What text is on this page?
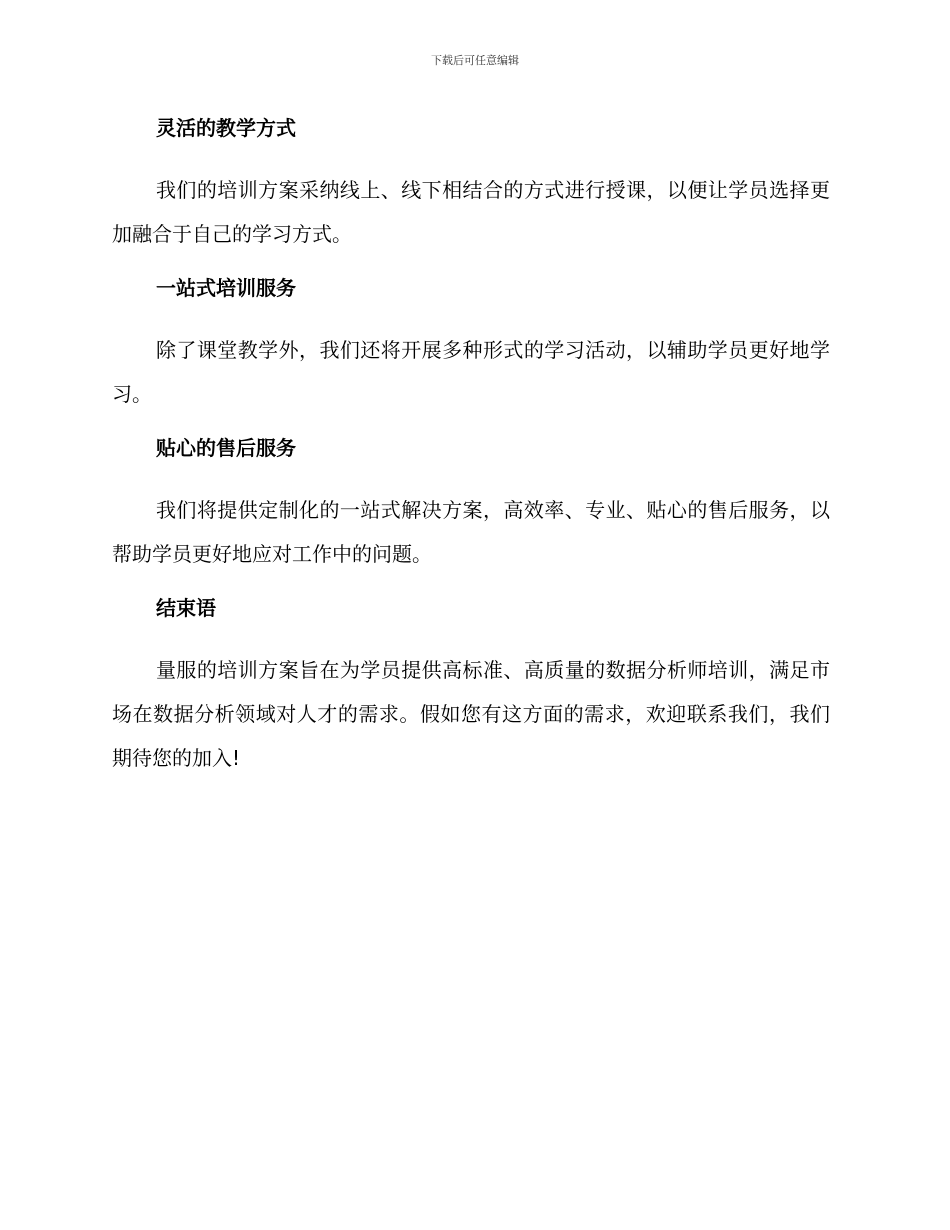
下载后可任意编辑
灵活的教学方式

我们的培训方案采纳线上、线下相结合的方式进行授课，以便让学员选择更加融合于自己的学习方式。

一站式培训服务

除了课堂教学外，我们还将开展多种形式的学习活动，以辅助学员更好地学习。

贴心的售后服务

我们将提供定制化的一站式解决方案，高效率、专业、贴心的售后服务，以帮助学员更好地应对工作中的问题。

结束语

量服的培训方案旨在为学员提供高标准、高质量的数据分析师培训，满足市场在数据分析领域对人才的需求。假如您有这方面的需求，欢迎联系我们，我们期待您的加入!
